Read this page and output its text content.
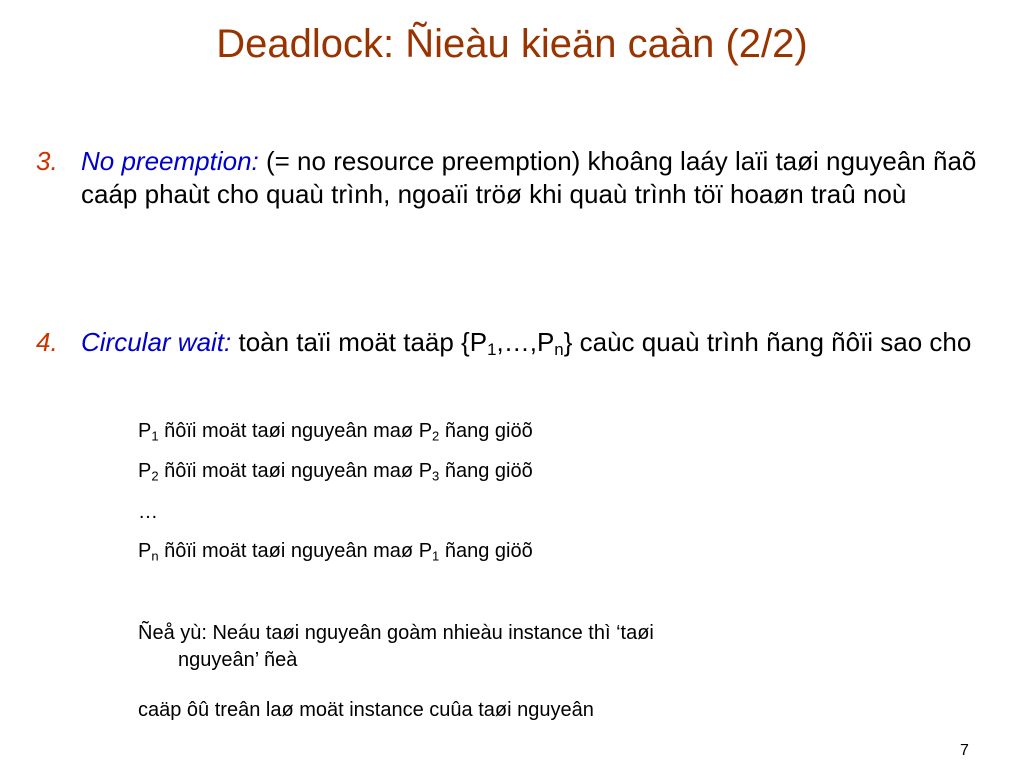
Deadlock: Ñieàu kieän caàn (2/2)
3. No preemption: (= no resource preemption) khoâng laáy laïi taøi nguyeân ñaõ caáp phaùt cho quaù trình, ngoaïi tröø khi quaù trình töï hoaøn traû noù
4. Circular wait: toàn taïi moät taäp $\{P_1,\dots,P_n\}$ caùc quaù trình ñang ñôïi sao cho
$P_1$ ñôïi moät taøi nguyeân maø $P_2$ ñang giöõ
$P_2$ ñôïi moät taøi nguyeân maø $P_3$ ñang giöõ
…
$P_n$ ñôïi moät taøi nguyeân maø $P_1$ ñang giöõ
Ñeå yù: Neáu taøi nguyeân goàm nhieàu instance thì ‘taøi
nguyeân’ ñeà
caäp ôû treân laø moät instance cuûa taøi nguyeân
7
